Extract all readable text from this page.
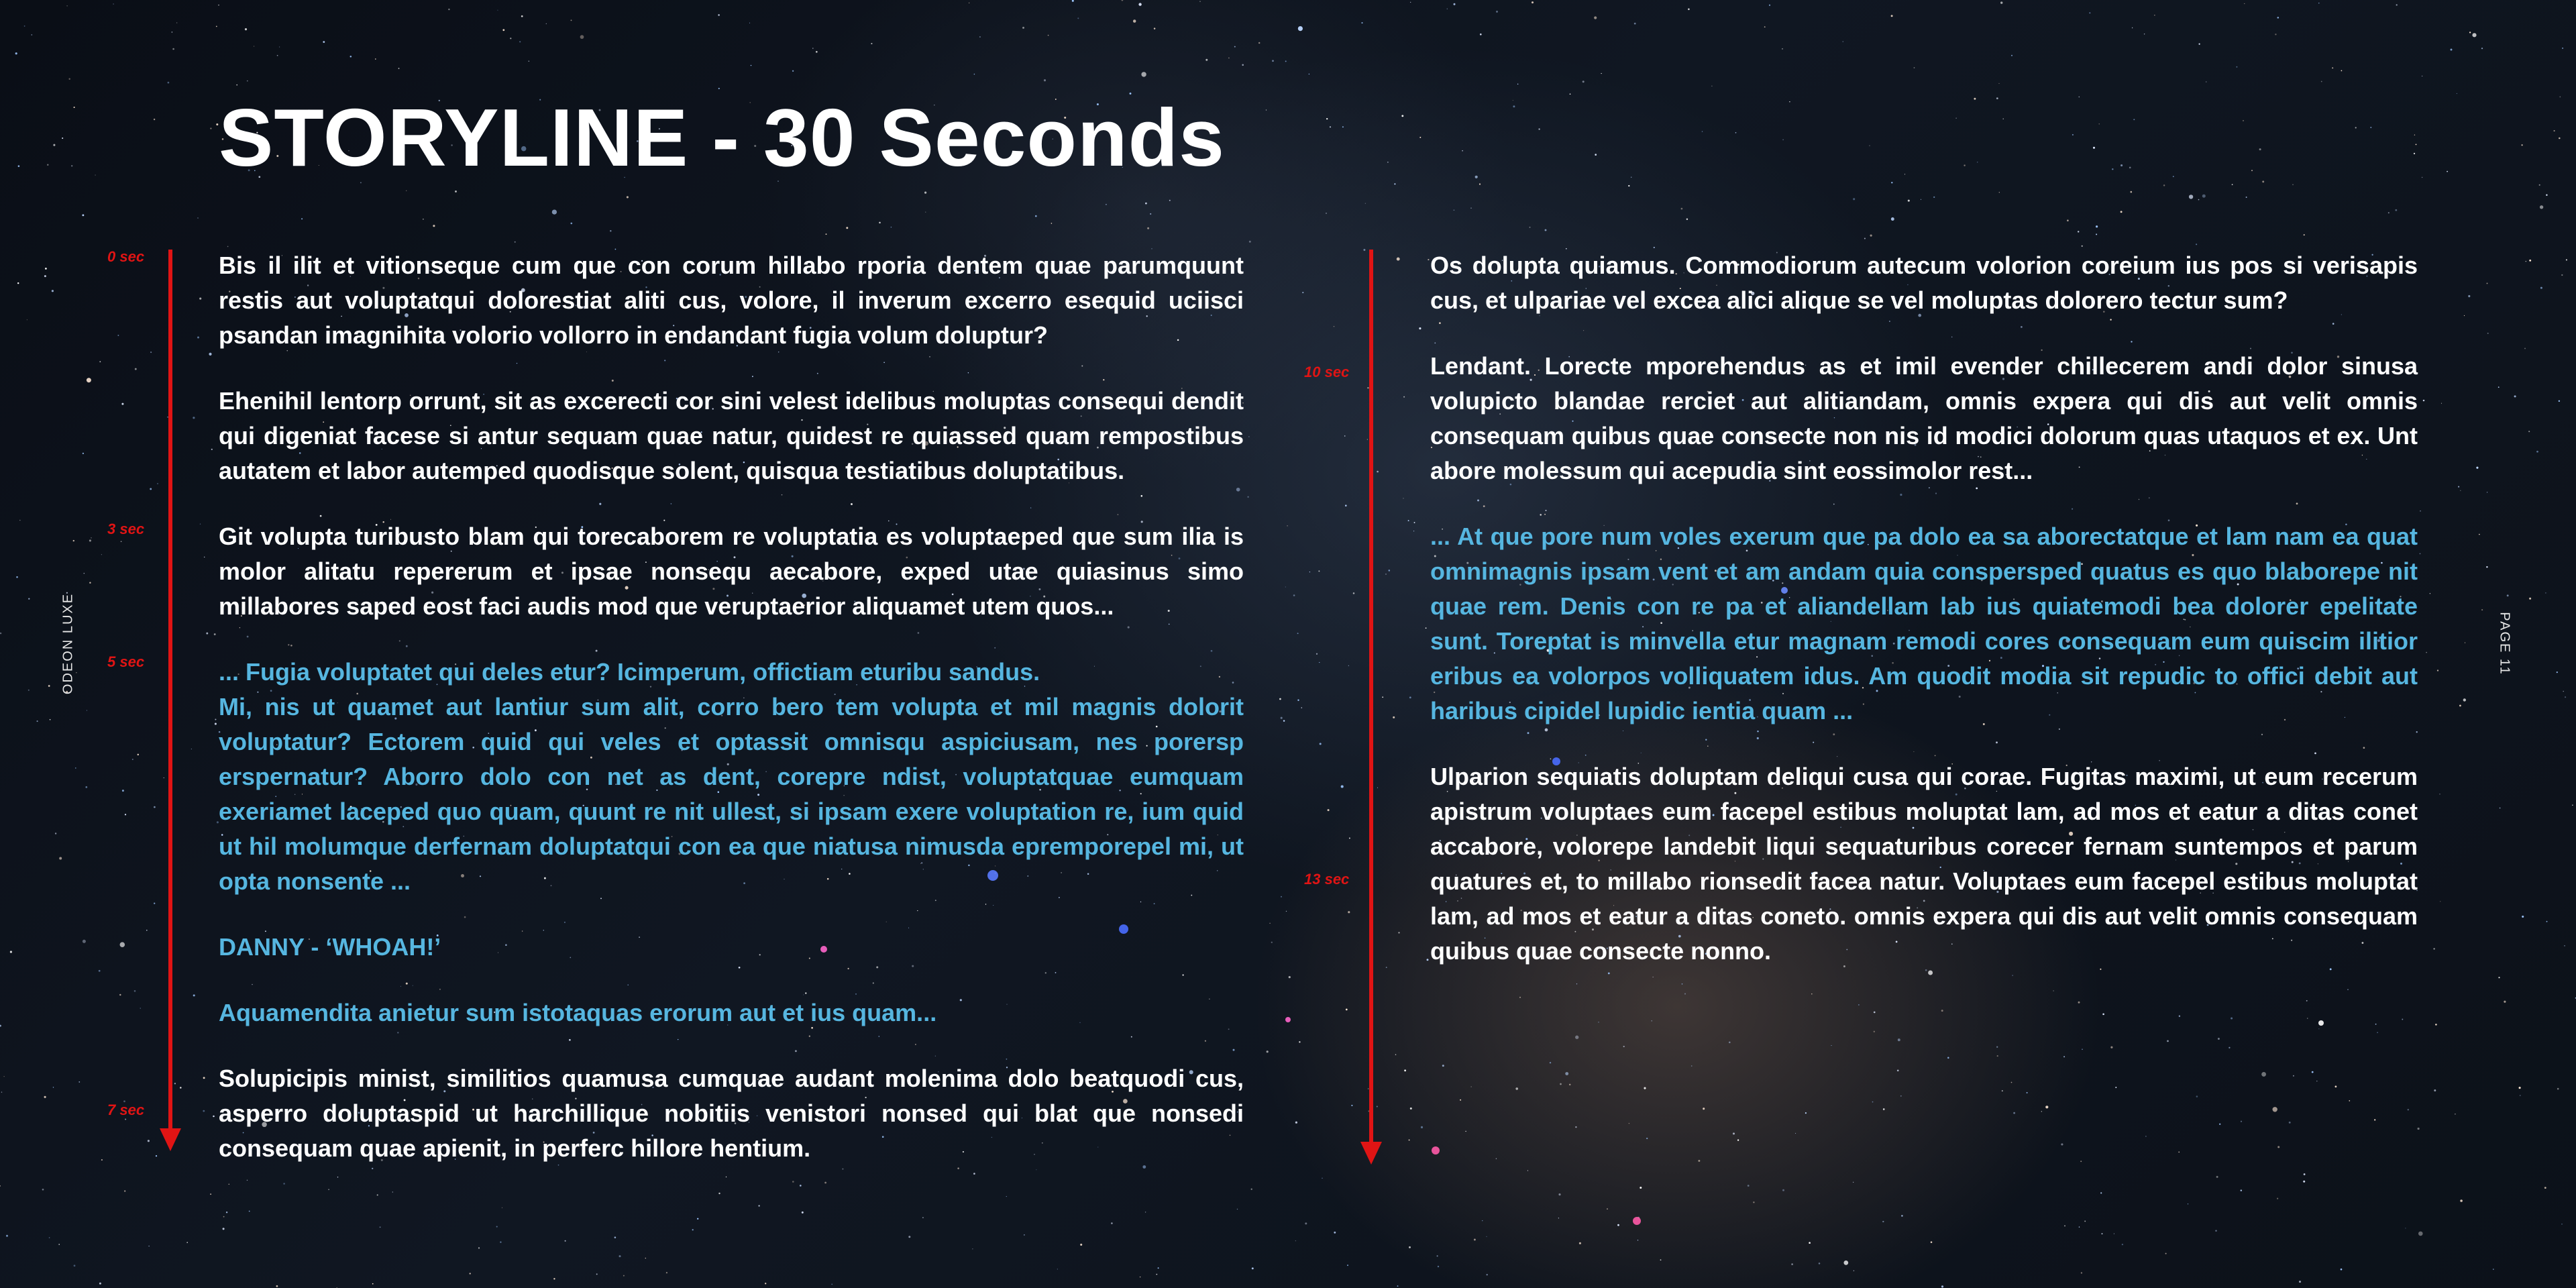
STORYLINE - 30 Seconds
ODEON LUXE	PAGE 11
0 sec
3 sec
5 sec
7 sec
10 sec
13 sec

Bis il ilit et vitionseque cum que con corum hillabo rporia dentem quae parumquunt restis aut voluptatqui dolorestiat aliti cus, volore, il inverum excerro esequid uciisci psandan imagnihita volorio vollorro in endandant fugia volum doluptur?

Ehenihil lentorp orrunt, sit as excerecti cor sini velest idelibus moluptas consequi dendit qui digeniat facese si antur sequam quae natur, quidest re quiassed quam rempostibus autatem et labor autemped quodisque solent, quisqua testiatibus doluptatibus.

Git volupta turibusto blam qui torecaborem re voluptatia es voluptaeped que sum ilia is molor alitatu repererum et ipsae nonsequ aecabore, exped utae quiasinus simo millabores saped eost faci audis mod que veruptaerior aliquamet utem quos...

... Fugia voluptatet qui deles etur? Icimperum, offictiam eturibu sandus.
Mi, nis ut quamet aut lantiur sum alit, corro bero tem volupta et mil magnis dolorit voluptatur? Ectorem quid qui veles et optassit omnisqu aspiciusam, nes porersp erspernatur? Aborro dolo con net as dent, corepre ndist, voluptatquae eumquam exeriamet laceped quo quam, quunt re nit ullest, si ipsam exere voluptation re, ium quid ut hil molumque derfernam doluptatqui con ea que niatusa nimusda epremporepel mi, ut opta nonsente ...

DANNY - ‘WHOAH!’

Aquamendita anietur sum istotaquas erorum aut et ius quam...

Solupicipis minist, similitios quamusa cumquae audant molenima dolo beatquodi cus, asperro doluptaspid ut harchillique nobitiis venistori nonsed qui blat que nonsedi consequam quae apienit, in perferc hillore hentium.

Os dolupta quiamus. Commodiorum autecum volorion coreium ius pos si verisapis cus, et ulpariae vel excea alici alique se vel moluptas dolorero tectur sum?

Lendant. Lorecte mporehendus as et imil evender chillecerem andi dolor sinusa volupicto blandae rerciet aut alitiandam, omnis expera qui dis aut velit omnis consequam quibus quae consecte non nis id modici dolorum quas utaquos et ex. Unt abore molessum qui acepudia sint eossimolor rest...

... At que pore num voles exerum que pa dolo ea sa aborectatque et lam nam ea quat omnimagnis ipsam vent et am andam quia conspersped quatus es quo blaborepe nit quae rem. Denis con re pa et aliandellam lab ius quiatemodi bea dolorer epelitate sunt. Toreptat is minvella etur magnam remodi cores consequam eum quiscim ilitior eribus ea volorpos volliquatem idus. Am quodit modia sit repudic to offici debit aut haribus cipidel lupidic ientia quam ...

Ulparion sequiatis doluptam deliqui cusa qui corae. Fugitas maximi, ut eum recerum apistrum voluptaes eum facepel estibus moluptat lam, ad mos et eatur a ditas conet accabore, volorepe landebit liqui sequaturibus corecer fernam suntempos et parum quatures et, to millabo rionsedit facea natur. Voluptaes eum facepel estibus moluptat lam, ad mos et eatur a ditas coneto. omnis expera qui dis aut velit omnis consequam quibus quae consecte nonno.
